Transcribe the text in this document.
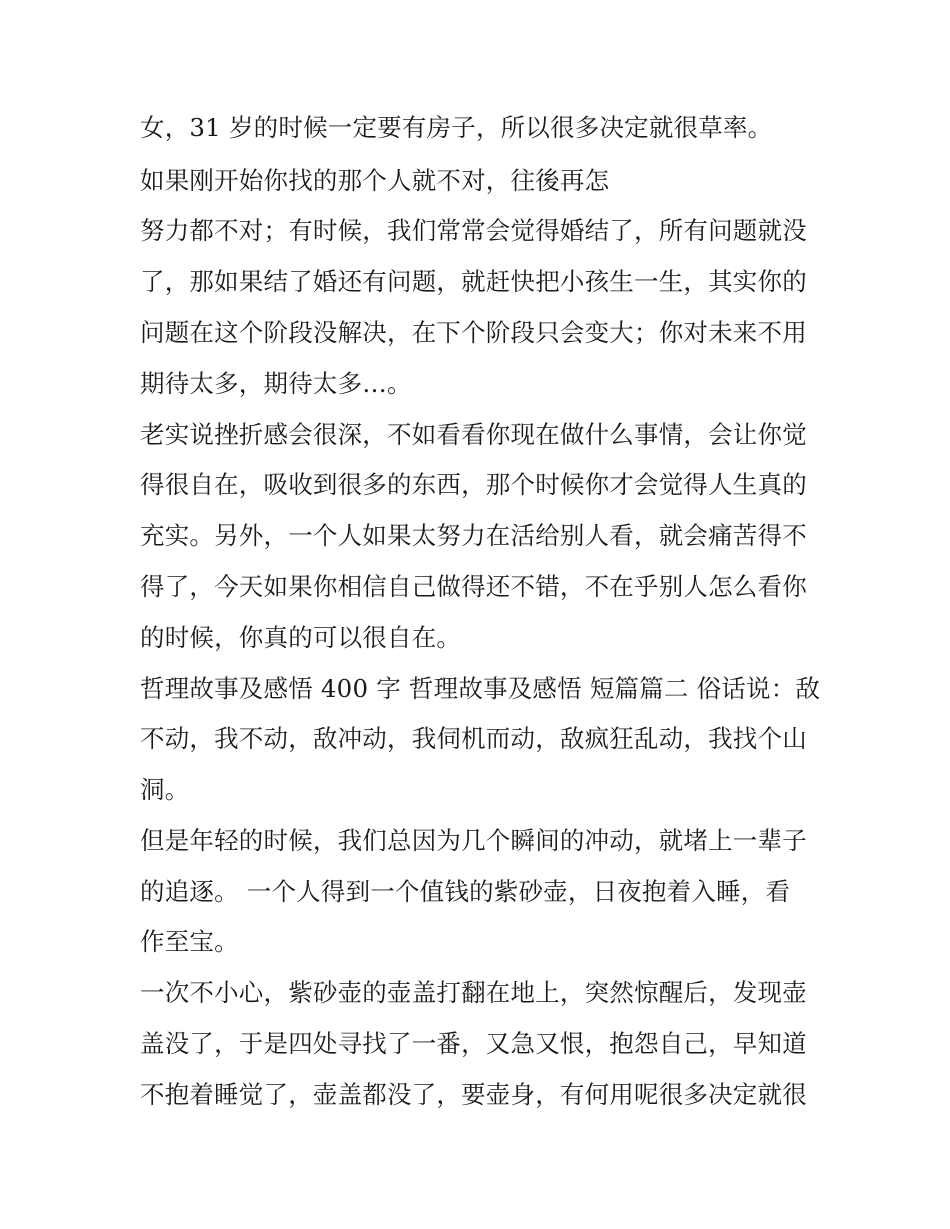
女，31 岁的时候一定要有房子，所以很多决定就很草率。
如果刚开始你找的那个人就不对，往後再怎
努力都不对；有时候，我们常常会觉得婚结了，所有问题就没
了，那如果结了婚还有问题，就赶快把小孩生一生，其实你的
问题在这个阶段没解决，在下个阶段只会变大；你对未来不用
期待太多，期待太多…。
老实说挫折感会很深，不如看看你现在做什么事情，会让你觉
得很自在，吸收到很多的东西，那个时候你才会觉得人生真的
充实。另外，一个人如果太努力在活给别人看，就会痛苦得不
得了，今天如果你相信自己做得还不错，不在乎别人怎么看你
的时候，你真的可以很自在。
哲理故事及感悟 400 字 哲理故事及感悟 短篇篇二 俗话说：敌
不动，我不动，敌冲动，我伺机而动，敌疯狂乱动，我找个山
洞。
但是年轻的时候，我们总因为几个瞬间的冲动，就堵上一辈子
的追逐。 一个人得到一个值钱的紫砂壶，日夜抱着入睡，看
作至宝。
一次不小心，紫砂壶的壶盖打翻在地上，突然惊醒后，发现壶
盖没了，于是四处寻找了一番，又急又恨，抱怨自己，早知道
不抱着睡觉了，壶盖都没了，要壶身，有何用呢很多决定就很
